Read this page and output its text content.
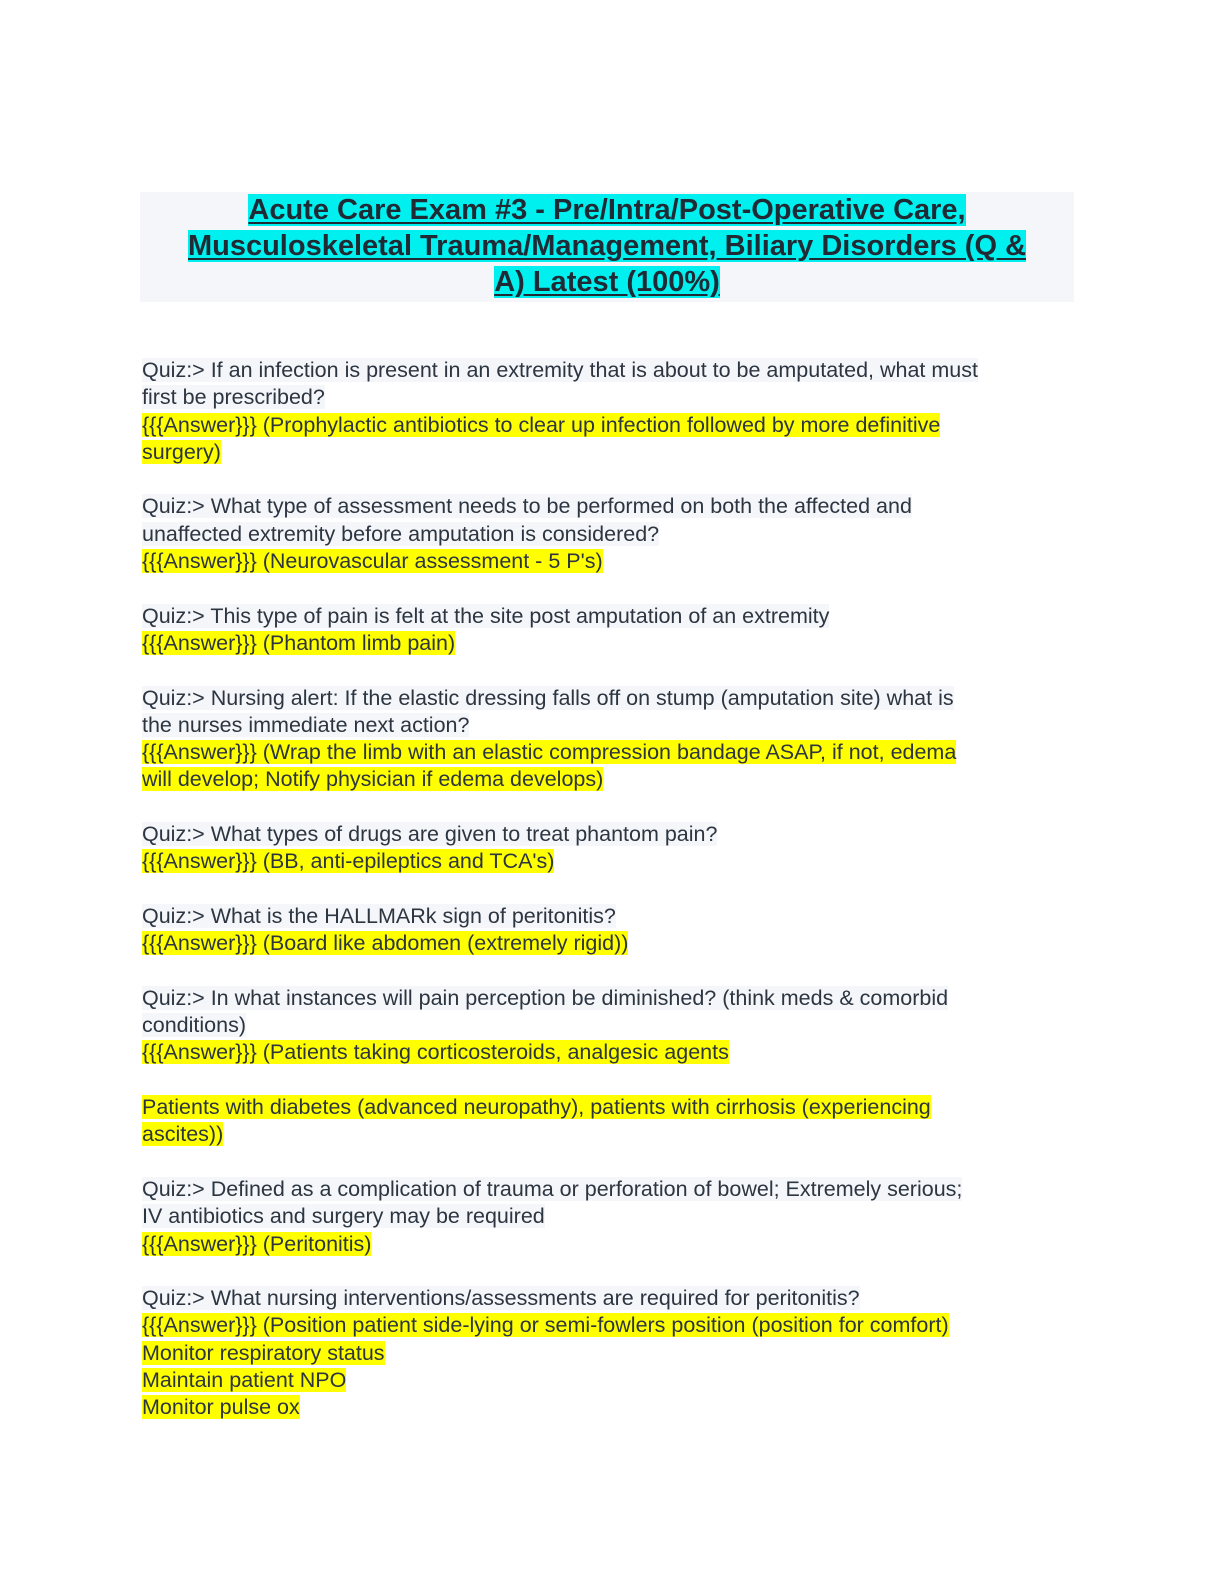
Acute Care Exam #3 - Pre/Intra/Post-Operative Care,
Musculoskeletal Trauma/Management, Biliary Disorders (Q &
A) Latest (100%)
Quiz:> If an infection is present in an extremity that is about to be amputated, what must
first be prescribed?
{{{Answer}}} (Prophylactic antibiotics to clear up infection followed by more definitive
surgery)
Quiz:> What type of assessment needs to be performed on both the affected and
unaffected extremity before amputation is considered?
{{{Answer}}} (Neurovascular assessment - 5 P's)
Quiz:> This type of pain is felt at the site post amputation of an extremity
{{{Answer}}} (Phantom limb pain)
Quiz:> Nursing alert: If the elastic dressing falls off on stump (amputation site) what is
the nurses immediate next action?
{{{Answer}}} (Wrap the limb with an elastic compression bandage ASAP, if not, edema
will develop; Notify physician if edema develops)
Quiz:> What types of drugs are given to treat phantom pain?
{{{Answer}}} (BB, anti-epileptics and TCA's)
Quiz:> What is the HALLMARk sign of peritonitis?
{{{Answer}}} (Board like abdomen (extremely rigid))
Quiz:> In what instances will pain perception be diminished? (think meds & comorbid
conditions)
{{{Answer}}} (Patients taking corticosteroids, analgesic agents
Patients with diabetes (advanced neuropathy), patients with cirrhosis (experiencing
ascites))
Quiz:> Defined as a complication of trauma or perforation of bowel; Extremely serious;
IV antibiotics and surgery may be required
{{{Answer}}} (Peritonitis)
Quiz:> What nursing interventions/assessments are required for peritonitis?
{{{Answer}}} (Position patient side-lying or semi-fowlers position (position for comfort)
Monitor respiratory status
Maintain patient NPO
Monitor pulse ox
